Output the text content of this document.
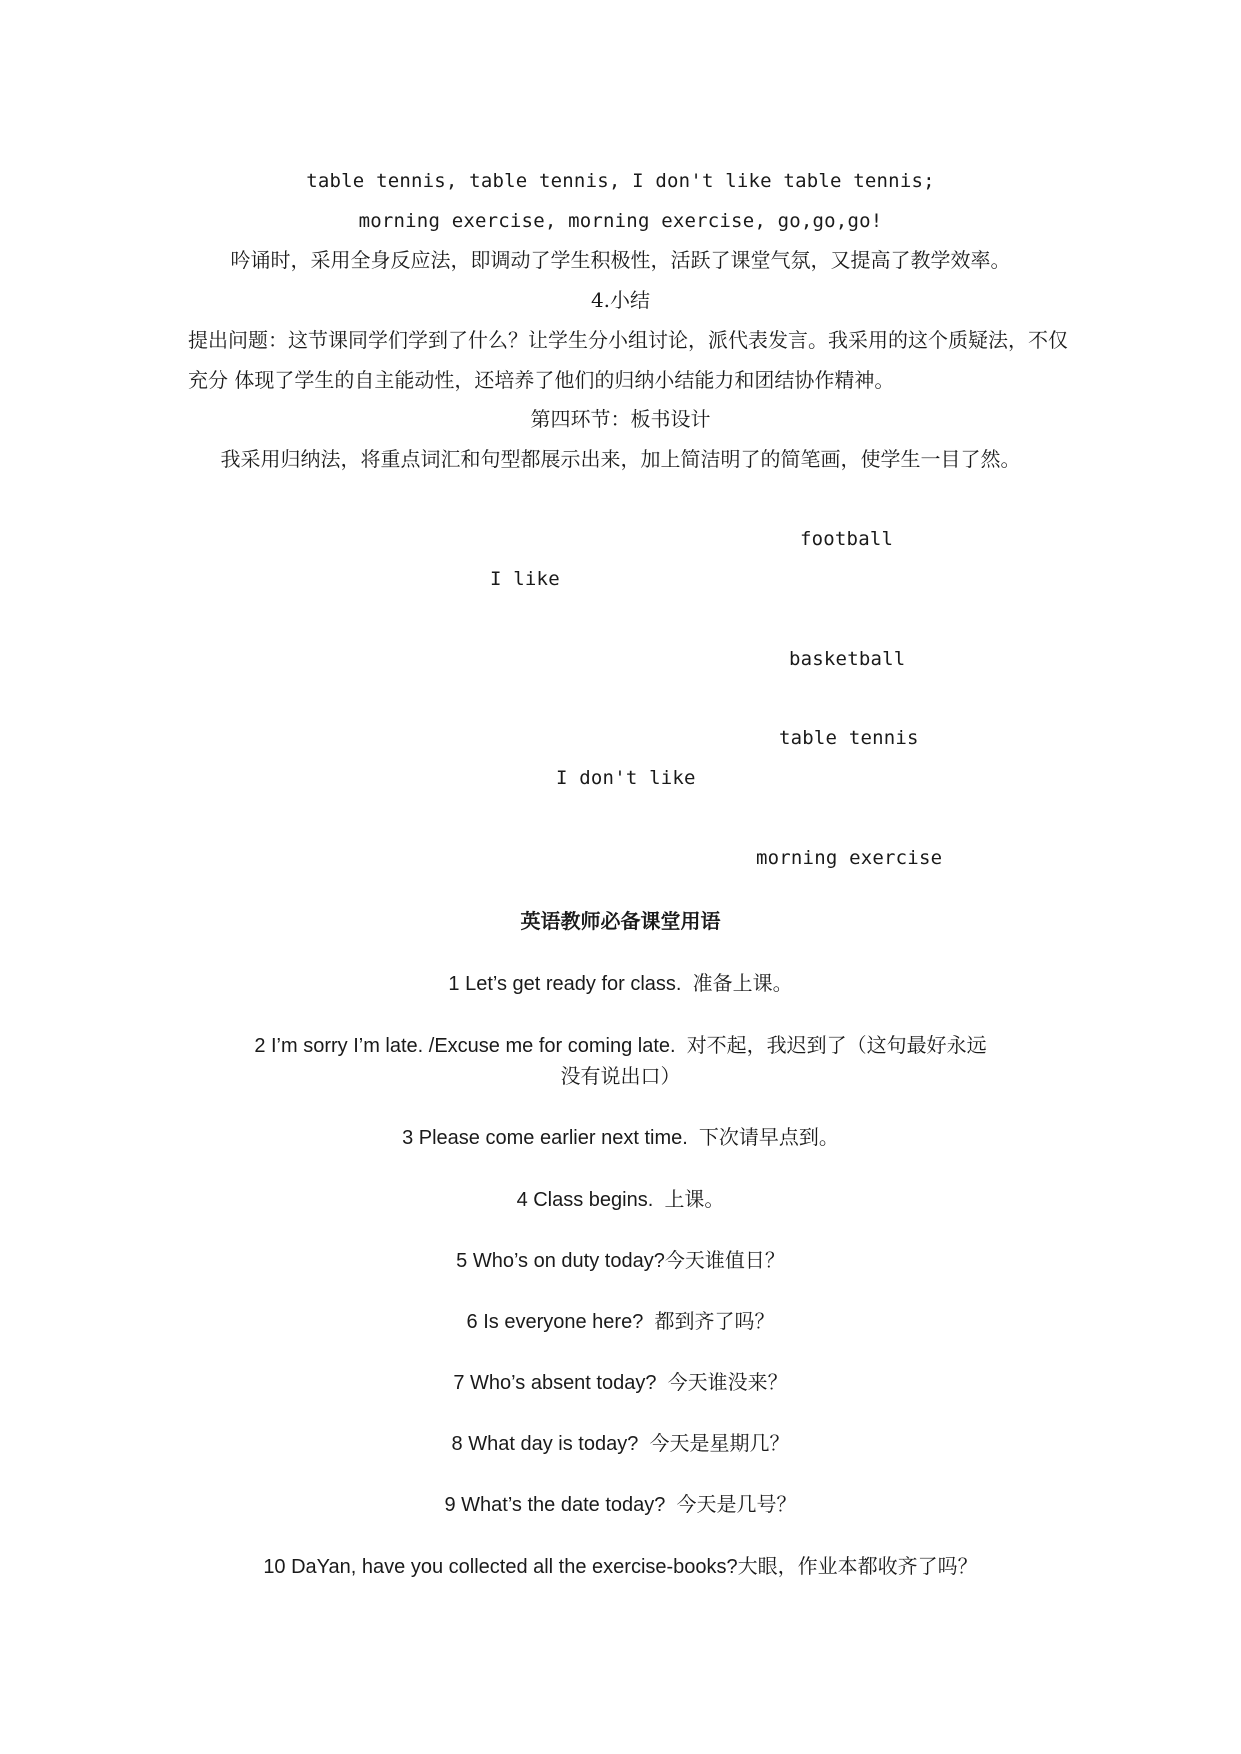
table tennis, table tennis, I don't like table tennis;
morning exercise, morning exercise, go,go,go!
吟诵时，采用全身反应法，即调动了学生积极性，活跃了课堂气氛，又提高了教学效率。
4.小结
提出问题：这节课同学们学到了什么？让学生分小组讨论，派代表发言。我采用的这个质疑法，不仅充分 体现了学生的自主能动性，还培养了他们的归纳小结能力和团结协作精神。
第四环节：板书设计
我采用归纳法，将重点词汇和句型都展示出来，加上简洁明了的简笔画，使学生一目了然。
football
I like
basketball
table tennis
I don't like
morning exercise
英语教师必备课堂用语
1 Let’s get ready for class. 准备上课。
2 I’m sorry I’m late. /Excuse me for coming late. 对不起，我迟到了（这句最好永远
没有说出口）
3 Please come earlier next time. 下次请早点到。
4 Class begins. 上课。
5 Who’s on duty today?今天谁值日？
6 Is everyone here? 都到齐了吗？
7 Who’s absent today? 今天谁没来？
8 What day is today? 今天是星期几？
9 What’s the date today? 今天是几号？
10 DaYan, have you collected all the exercise-books?大眼，作业本都收齐了吗？
